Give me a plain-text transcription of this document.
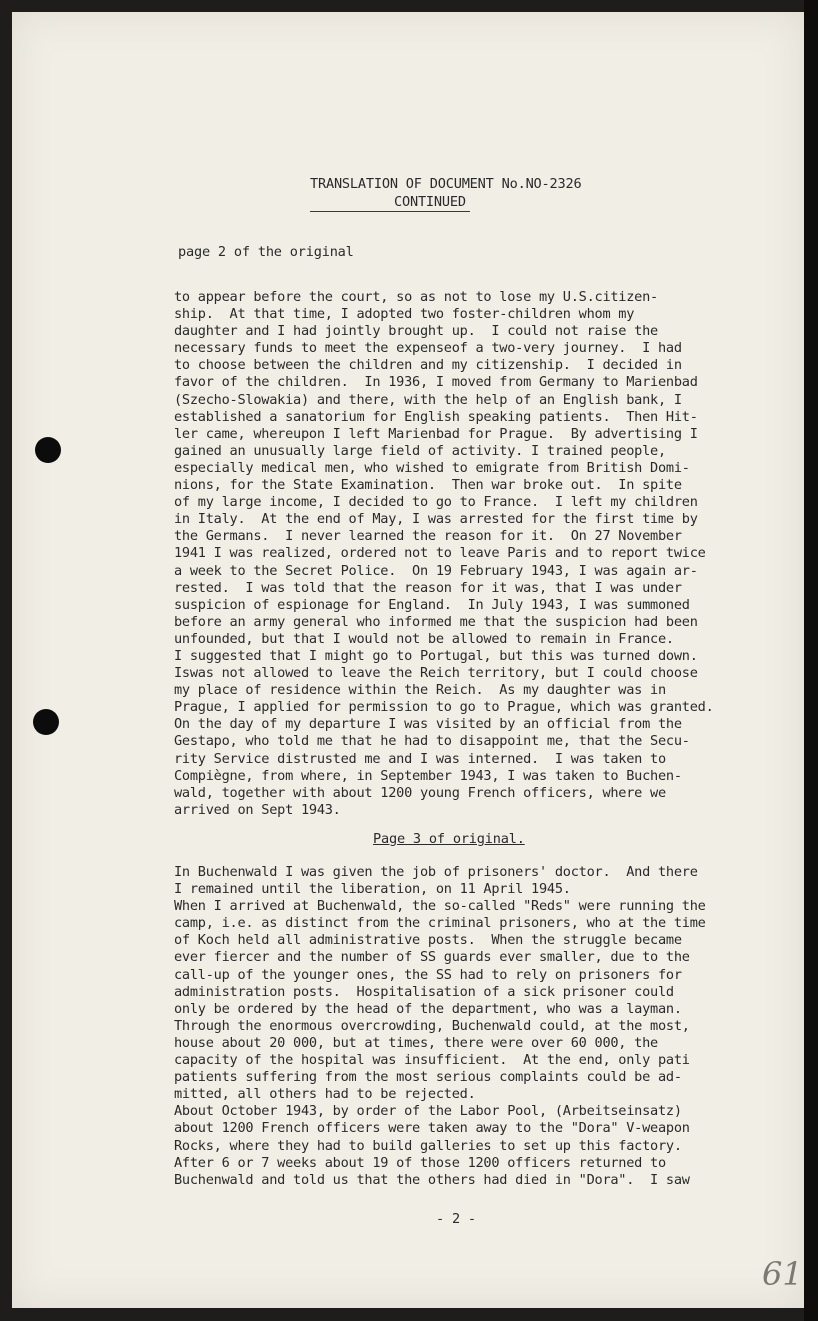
TRANSLATION OF DOCUMENT No.NO-2326
CONTINUED
page 2 of the original
to appear before the court, so as not to lose my U.S.citizen-
ship.  At that time, I adopted two foster-children whom my
daughter and I had jointly brought up.  I could not raise the
necessary funds to meet the expenseof a two-very journey.  I had
to choose between the children and my citizenship.  I decided in
favor of the children.  In 1936, I moved from Germany to Marienbad
(Szecho-Slowakia) and there, with the help of an English bank, I
established a sanatorium for English speaking patients.  Then Hit-
ler came, whereupon I left Marienbad for Prague.  By advertising I
gained an unusually large field of activity. I trained people,
especially medical men, who wished to emigrate from British Domi-
nions, for the State Examination.  Then war broke out.  In spite
of my large income, I decided to go to France.  I left my children
in Italy.  At the end of May, I was arrested for the first time by
the Germans.  I never learned the reason for it.  On 27 November
1941 I was realized, ordered not to leave Paris and to report twice
a week to the Secret Police.  On 19 February 1943, I was again ar-
rested.  I was told that the reason for it was, that I was under
suspicion of espionage for England.  In July 1943, I was summoned
before an army general who informed me that the suspicion had been
unfounded, but that I would not be allowed to remain in France.
I suggested that I might go to Portugal, but this was turned down.
Iswas not allowed to leave the Reich territory, but I could choose
my place of residence within the Reich.  As my daughter was in
Prague, I applied for permission to go to Prague, which was granted.
On the day of my departure I was visited by an official from the
Gestapo, who told me that he had to disappoint me, that the Secu-
rity Service distrusted me and I was interned.  I was taken to
Compiègne, from where, in September 1943, I was taken to Buchen-
wald, together with about 1200 young French officers, where we
arrived on Sept 1943.
Page 3 of original.
In Buchenwald I was given the job of prisoners' doctor.  And there
I remained until the liberation, on 11 April 1945.
When I arrived at Buchenwald, the so-called "Reds" were running the
camp, i.e. as distinct from the criminal prisoners, who at the time
of Koch held all administrative posts.  When the struggle became
ever fiercer and the number of SS guards ever smaller, due to the
call-up of the younger ones, the SS had to rely on prisoners for
administration posts.  Hospitalisation of a sick prisoner could
only be ordered by the head of the department, who was a layman.
Through the enormous overcrowding, Buchenwald could, at the most,
house about 20 000, but at times, there were over 60 000, the
capacity of the hospital was insufficient.  At the end, only pati
patients suffering from the most serious complaints could be ad-
mitted, all others had to be rejected.
About October 1943, by order of the Labor Pool, (Arbeitseinsatz)
about 1200 French officers were taken away to the "Dora" V-weapon
Rocks, where they had to build galleries to set up this factory.
After 6 or 7 weeks about 19 of those 1200 officers returned to
Buchenwald and told us that the others had died in "Dora".  I saw
- 2 -
61
